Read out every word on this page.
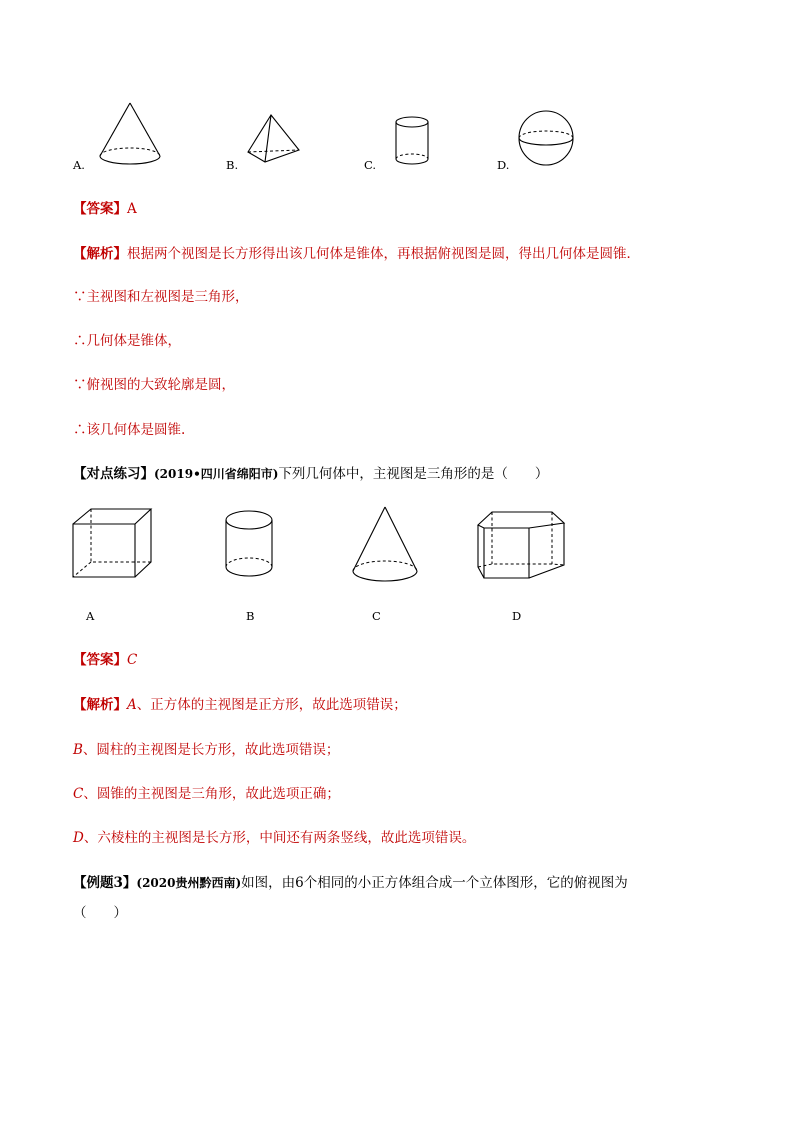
A.	B.	C.	D.
【答案】A
【解析】根据两个视图是长方形得出该几何体是锥体，再根据俯视图是圆，得出几何体是圆锥．
∵主视图和左视图是三角形，
∴几何体是锥体，
∵俯视图的大致轮廓是圆，
∴该几何体是圆锥.
【对点练习】(2019•四川省绵阳市)下列几何体中，主视图是三角形的是（　　）
A	B	C	D
【答案】C
【解析】A、正方体的主视图是正方形，故此选项错误；
B、圆柱的主视图是长方形，故此选项错误；
C、圆锥的主视图是三角形，故此选项正确；
D、六棱柱的主视图是长方形，中间还有两条竖线，故此选项错误。
【例题3】(2020贵州黔西南)如图，由6个相同的小正方体组合成一个立体图形，它的俯视图为
（　　）
